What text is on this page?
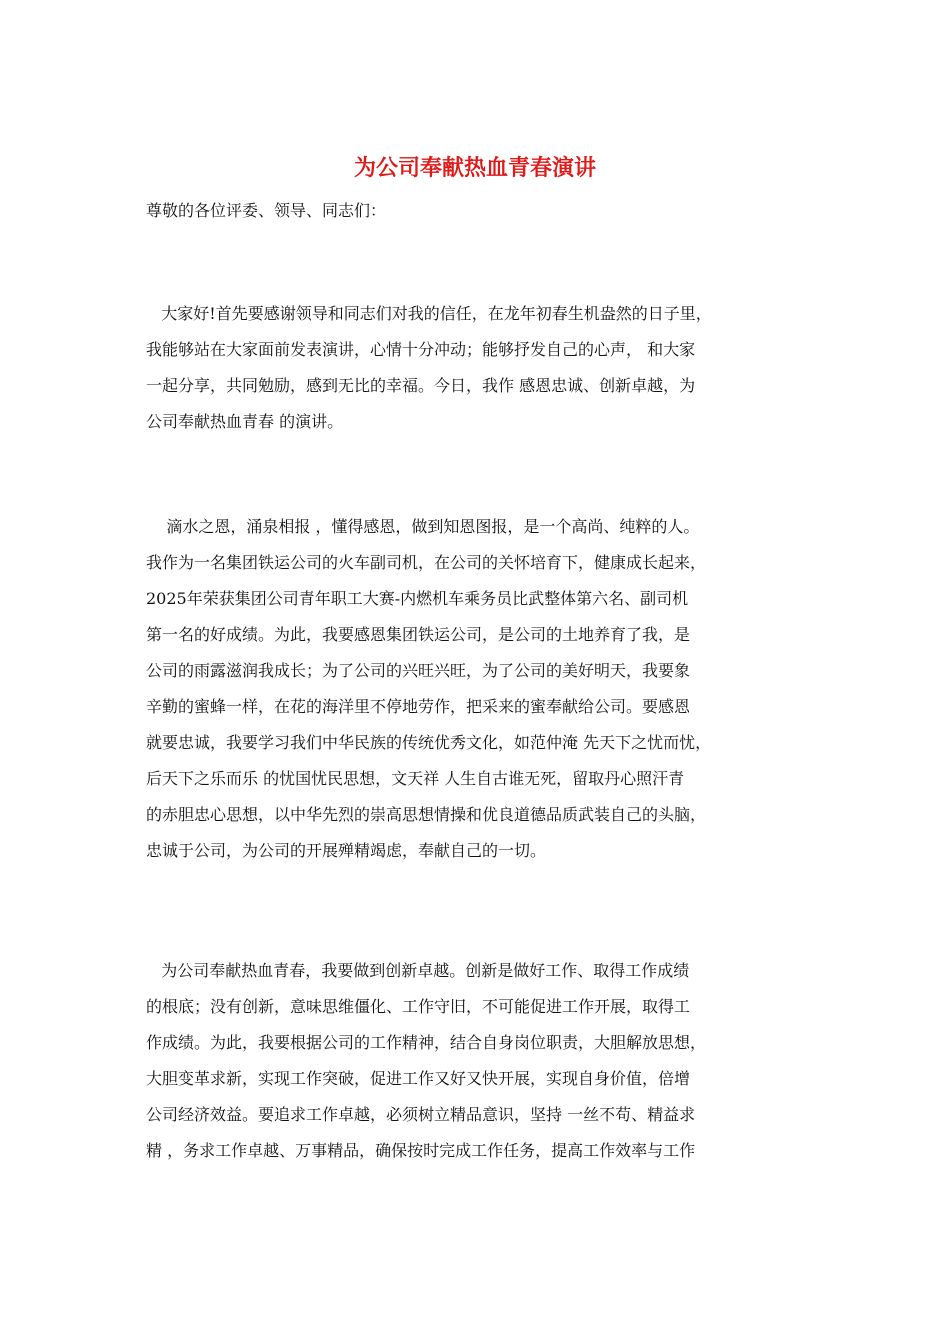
为公司奉献热血青春演讲

尊敬的各位评委、领导、同志们：

大家好!首先要感谢领导和同志们对我的信任，在龙年初春生机盎然的日子里，
我能够站在大家面前发表演讲，心情十分冲动；能够抒发自己的心声， 和大家
一起分享，共同勉励，感到无比的幸福。今日，我作 感恩忠诚、创新卓越，为
公司奉献热血青春 的演讲。
滴水之恩，涌泉相报 ，懂得感恩，做到知恩图报，是一个高尚、纯粹的人。
我作为一名集团铁运公司的火车副司机，在公司的关怀培育下，健康成长起来，
2025年荣获集团公司青年职工大赛-内燃机车乘务员比武整体第六名、副司机
第一名的好成绩。为此，我要感恩集团铁运公司，是公司的土地养育了我，是
公司的雨露滋润我成长；为了公司的兴旺兴旺，为了公司的美好明天，我要象
辛勤的蜜蜂一样，在花的海洋里不停地劳作，把采来的蜜奉献给公司。要感恩
就要忠诚，我要学习我们中华民族的传统优秀文化，如范仲淹 先天下之忧而忧，
后天下之乐而乐 的忧国忧民思想，文天祥 人生自古谁无死，留取丹心照汗青
的赤胆忠心思想，以中华先烈的崇高思想情操和优良道德品质武装自己的头脑，
忠诚于公司，为公司的开展殚精竭虑，奉献自己的一切。
为公司奉献热血青春，我要做到创新卓越。创新是做好工作、取得工作成绩
的根底；没有创新，意味思维僵化、工作守旧，不可能促进工作开展，取得工
作成绩。为此，我要根据公司的工作精神，结合自身岗位职责，大胆解放思想，
大胆变革求新，实现工作突破，促进工作又好又快开展，实现自身价值，倍增
公司经济效益。要追求工作卓越，必须树立精品意识，坚持 一丝不苟、精益求
精 ，务求工作卓越、万事精品，确保按时完成工作任务，提高工作效率与工作
